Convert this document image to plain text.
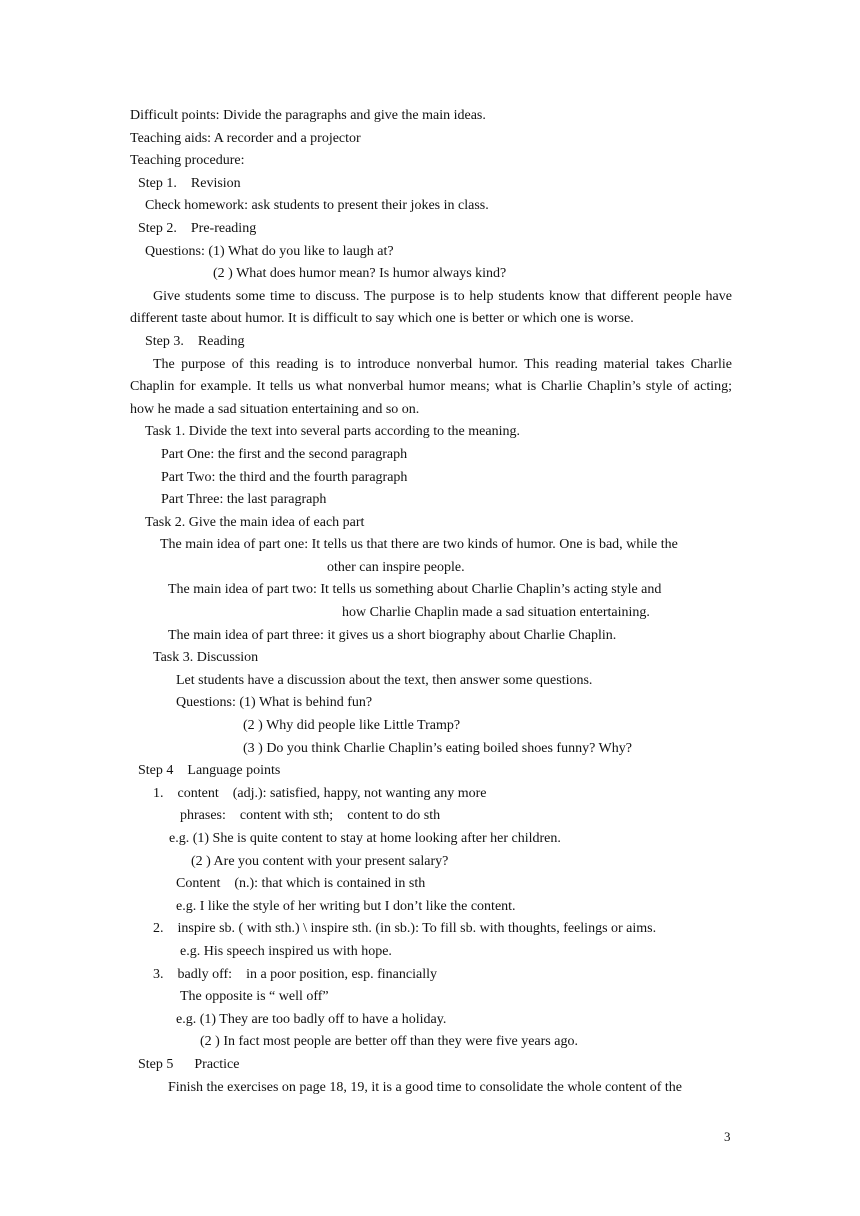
Difficult points: Divide the paragraphs and give the main ideas.
Teaching aids: A recorder and a projector
Teaching procedure:
Step 1.    Revision
Check homework: ask students to present their jokes in class.
Step 2.    Pre-reading
Questions: (1) What do you like to laugh at?
(2 ) What does humor mean? Is humor always kind?
Give students some time to discuss. The purpose is to help students know that different people have different taste about humor. It is difficult to say which one is better or which one is worse.
Step 3.    Reading
The purpose of this reading is to introduce nonverbal humor. This reading material takes Charlie Chaplin for example. It tells us what nonverbal humor means; what is Charlie Chaplin’s style of acting; how he made a sad situation entertaining and so on.
Task 1. Divide the text into several parts according to the meaning.
Part One: the first and the second paragraph
Part Two: the third and the fourth paragraph
Part Three: the last paragraph
Task 2. Give the main idea of each part
The main idea of part one: It tells us that there are two kinds of humor. One is bad, while the
other can inspire people.
The main idea of part two: It tells us something about Charlie Chaplin’s acting style and
how Charlie Chaplin made a sad situation entertaining.
The main idea of part three: it gives us a short biography about Charlie Chaplin.
Task 3. Discussion
Let students have a discussion about the text, then answer some questions.
Questions: (1) What is behind fun?
(2 ) Why did people like Little Tramp?
(3 ) Do you think Charlie Chaplin’s eating boiled shoes funny? Why?
Step 4    Language points
1.    content    (adj.): satisfied, happy, not wanting any more
phrases:    content with sth;    content to do sth
e.g. (1) She is quite content to stay at home looking after her children.
(2 ) Are you content with your present salary?
Content    (n.): that which is contained in sth
e.g. I like the style of her writing but I don’t like the content.
2.    inspire sb. ( with sth.) \ inspire sth. (in sb.): To fill sb. with thoughts, feelings or aims.
e.g. His speech inspired us with hope.
3.    badly off:    in a poor position, esp. financially
The opposite is “ well off”
e.g. (1) They are too badly off to have a holiday.
(2 ) In fact most people are better off than they were five years ago.
Step 5      Practice
Finish the exercises on page 18, 19, it is a good time to consolidate the whole content of the
3
